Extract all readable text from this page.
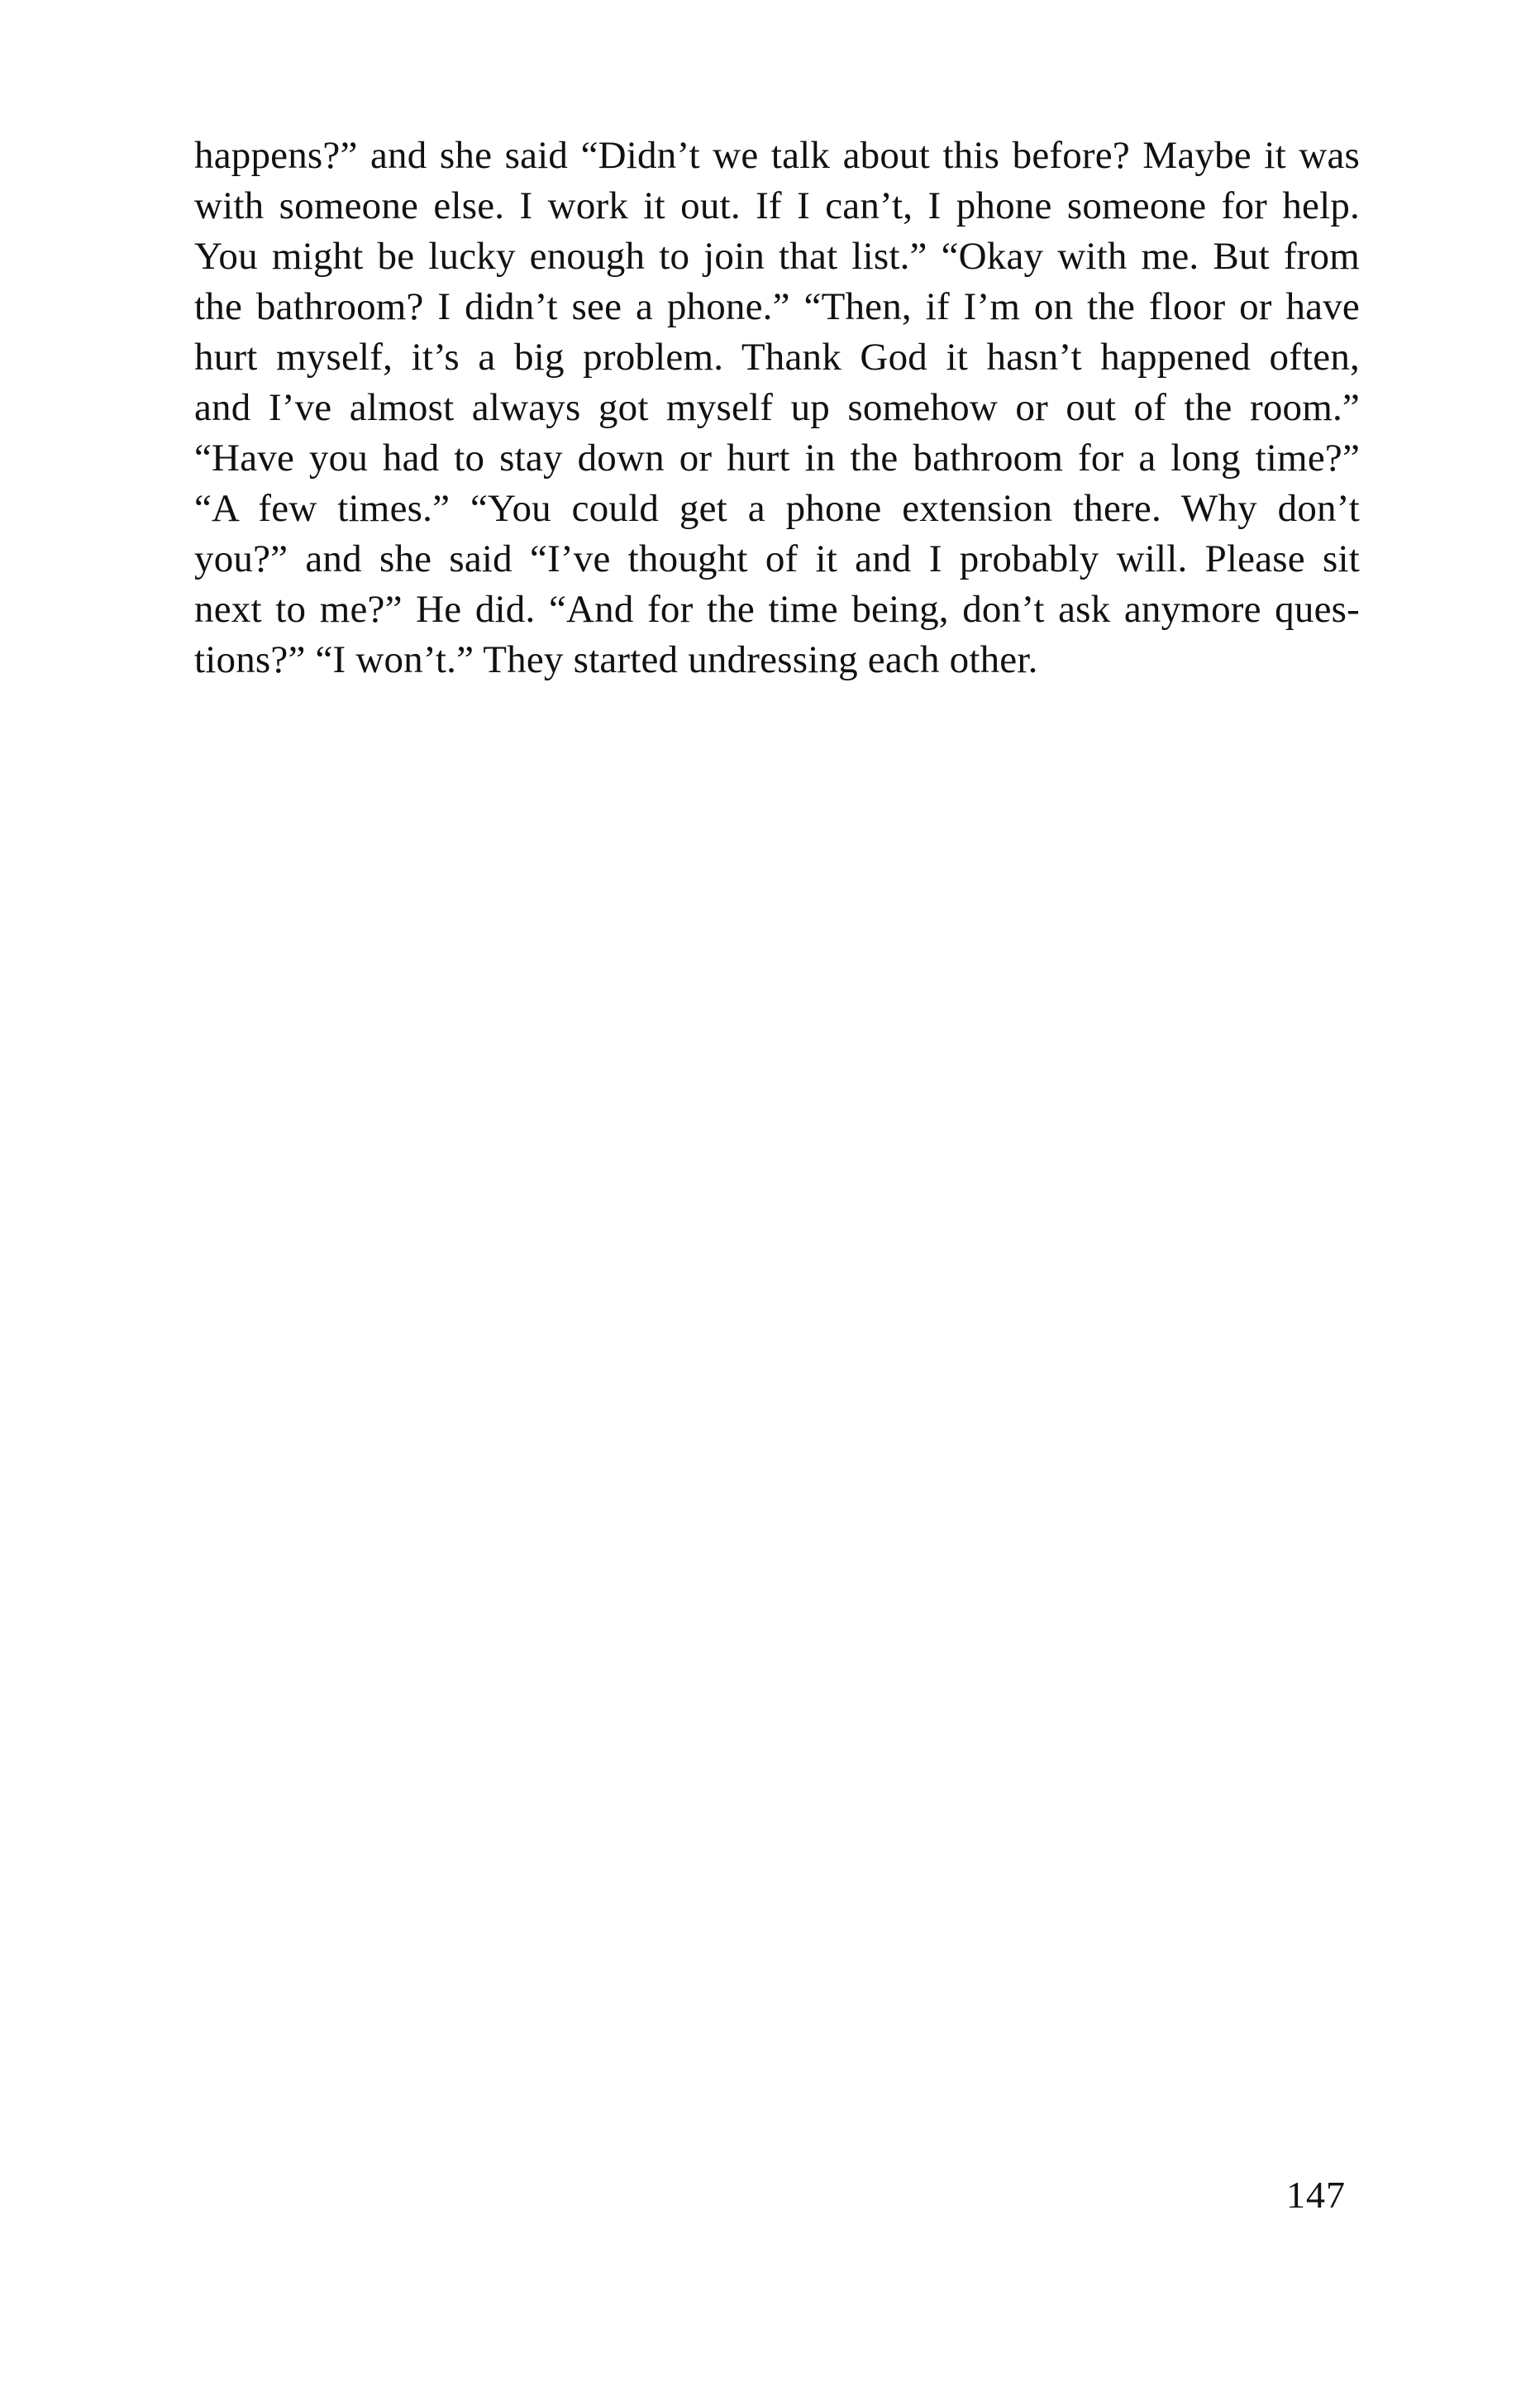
happens?” and she said “Didn’t we talk about this before? Maybe it was
with someone else. I work it out. If I can’t, I phone someone for help.
You might be lucky enough to join that list.” “Okay with me. But from
the bathroom? I didn’t see a phone.” “Then, if I’m on the floor or have
hurt myself, it’s a big problem. Thank God it hasn’t happened often,
and I’ve almost always got myself up somehow or out of the room.”
“Have you had to stay down or hurt in the bathroom for a long time?”
“A few times.” “You could get a phone extension there. Why don’t
you?” and she said “I’ve thought of it and I probably will. Please sit
next to me?” He did. “And for the time being, don’t ask anymore ques-
tions?” “I won’t.” They started undressing each other.
147
